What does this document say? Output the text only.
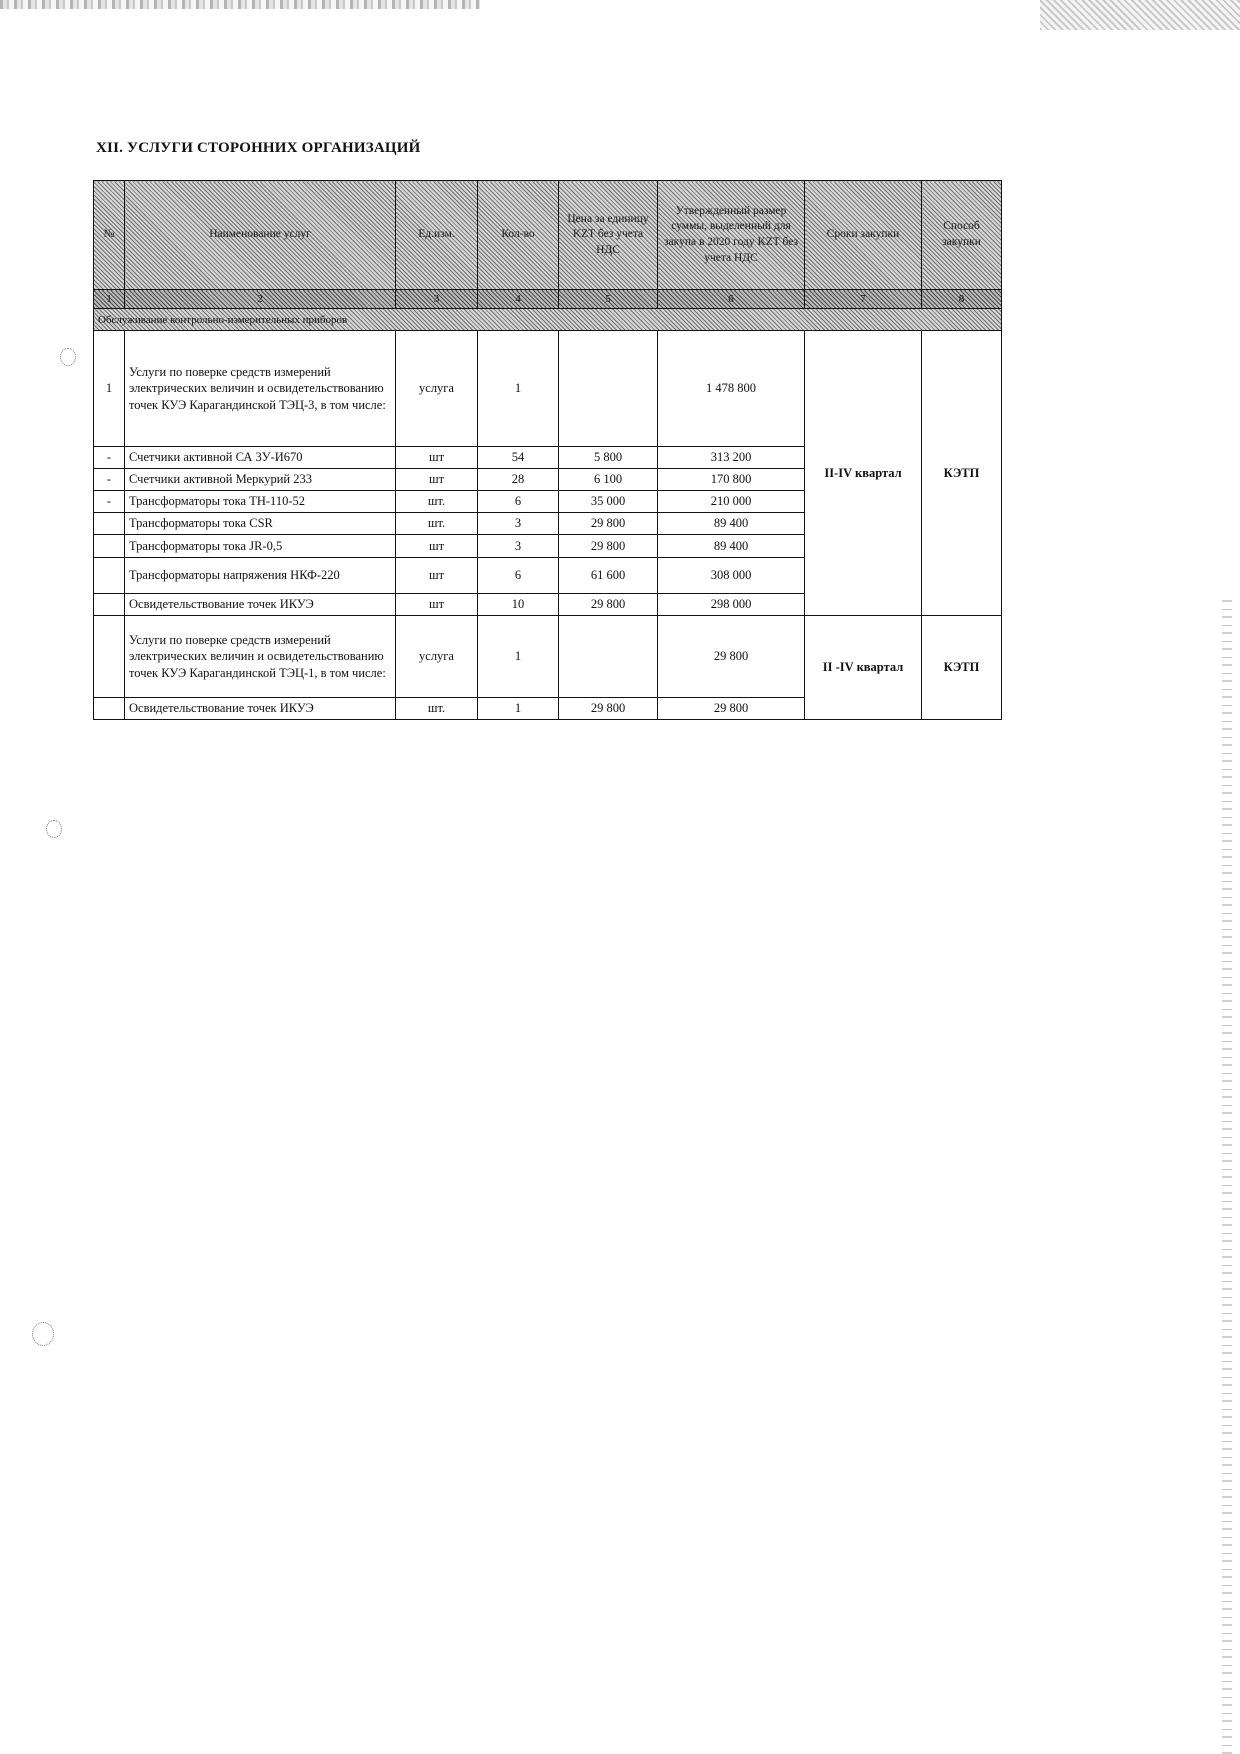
XII. УСЛУГИ СТОРОННИХ ОРГАНИЗАЦИЙ
№	Наименование услуг	Ед.изм.	Кол-во	Цена за единицу KZT без учета НДС	Утвержденный размер суммы, выделенный для закупа в 2020 году KZT без учета НДС	Сроки закупки	Способ закупки
1	2	3	4	5	6	7	8
Обслуживание контрольно-измерительных приборов							
1	Услуги по поверке средств измерений электрических величин и освидетельствованию точек КУЭ Карагандинской ТЭЦ-3, в том числе:	услуга	1		1 478 800	II-IV квартал	КЭТП
-	Счетчики активной СА 3У-И670	шт	54	5 800	313 200		
-	Счетчики активной Меркурий 233	шт	28	6 100	170 800		
-	Трансформаторы тока ТН-110-52	шт.	6	35 000	210 000		
	Трансформаторы тока CSR	шт.	3	29 800	89 400		
	Трансформаторы тока JR-0,5	шт	3	29 800	89 400		
	Трансформаторы напряжения НКФ-220	шт	6	61 600	308 000		
	Освидетельствование точек ИКУЭ	шт	10	29 800	298 000		
	Услуги по поверке средств измерений электрических величин и освидетельствованию точек КУЭ Карагандинской ТЭЦ-1, в том числе:	услуга	1		29 800	II -IV квартал	КЭТП
	Освидетельствование точек ИКУЭ	шт.	1	29 800	29 800		
